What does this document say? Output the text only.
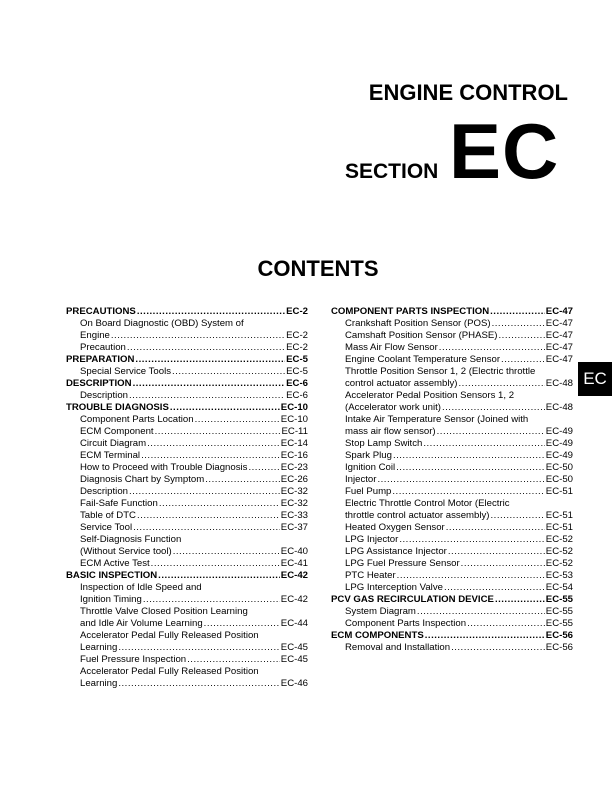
ENGINE CONTROL
SECTION EC
CONTENTS
PRECAUTIONS .....	EC-2
On Board Diagnostic (OBD) System of
Engine .....	EC-2
Precaution .....	EC-2
PREPARATION .....	EC-5
Special Service Tools .....	EC-5
DESCRIPTION .....	EC-6
Description .....	EC-6
TROUBLE DIAGNOSIS .....	EC-10
Component Parts Location .....	EC-10
ECM Component .....	EC-11
Circuit Diagram .....	EC-14
ECM Terminal .....	EC-16
How to Proceed with Trouble Diagnosis .....	EC-23
Diagnosis Chart by Symptom .....	EC-26
Description .....	EC-32
Fail-Safe Function .....	EC-32
Table of DTC .....	EC-33
Service Tool .....	EC-37
Self-Diagnosis Function
(Without Service tool) .....	EC-40
ECM Active Test .....	EC-41
BASIC INSPECTION .....	EC-42
Inspection of Idle Speed and
Ignition Timing .....	EC-42
Throttle Valve Closed Position Learning
and Idle Air Volume Learning .....	EC-44
Accelerator Pedal Fully Released Position
Learning .....	EC-45
Fuel Pressure Inspection .....	EC-45
Accelerator Pedal Fully Released Position
Learning .....	EC-46
COMPONENT PARTS INSPECTION .....	EC-47
Crankshaft Position Sensor (POS) .....	EC-47
Camshaft Position Sensor (PHASE) .....	EC-47
Mass Air Flow Sensor .....	EC-47
Engine Coolant Temperature Sensor .....	EC-47
Throttle Position Sensor 1, 2 (Electric throttle
control actuator assembly) .....	EC-48
Accelerator Pedal Position Sensors 1, 2
(Accelerator work unit) .....	EC-48
Intake Air Temperature Sensor (Joined with
mass air flow sensor) .....	EC-49
Stop Lamp Switch .....	EC-49
Spark Plug .....	EC-49
Ignition Coil .....	EC-50
Injector .....	EC-50
Fuel Pump .....	EC-51
Electric Throttle Control Motor (Electric
throttle control actuator assembly) .....	EC-51
Heated Oxygen Sensor .....	EC-51
LPG Injector .....	EC-52
LPG Assistance Injector .....	EC-52
LPG Fuel Pressure Sensor .....	EC-52
PTC Heater .....	EC-53
LPG Interception Valve .....	EC-54
PCV GAS RECIRCULATION DEVICE .....	EC-55
System Diagram .....	EC-55
Component Parts Inspection .....	EC-55
ECM COMPONENTS .....	EC-56
Removal and Installation .....	EC-56
EC
